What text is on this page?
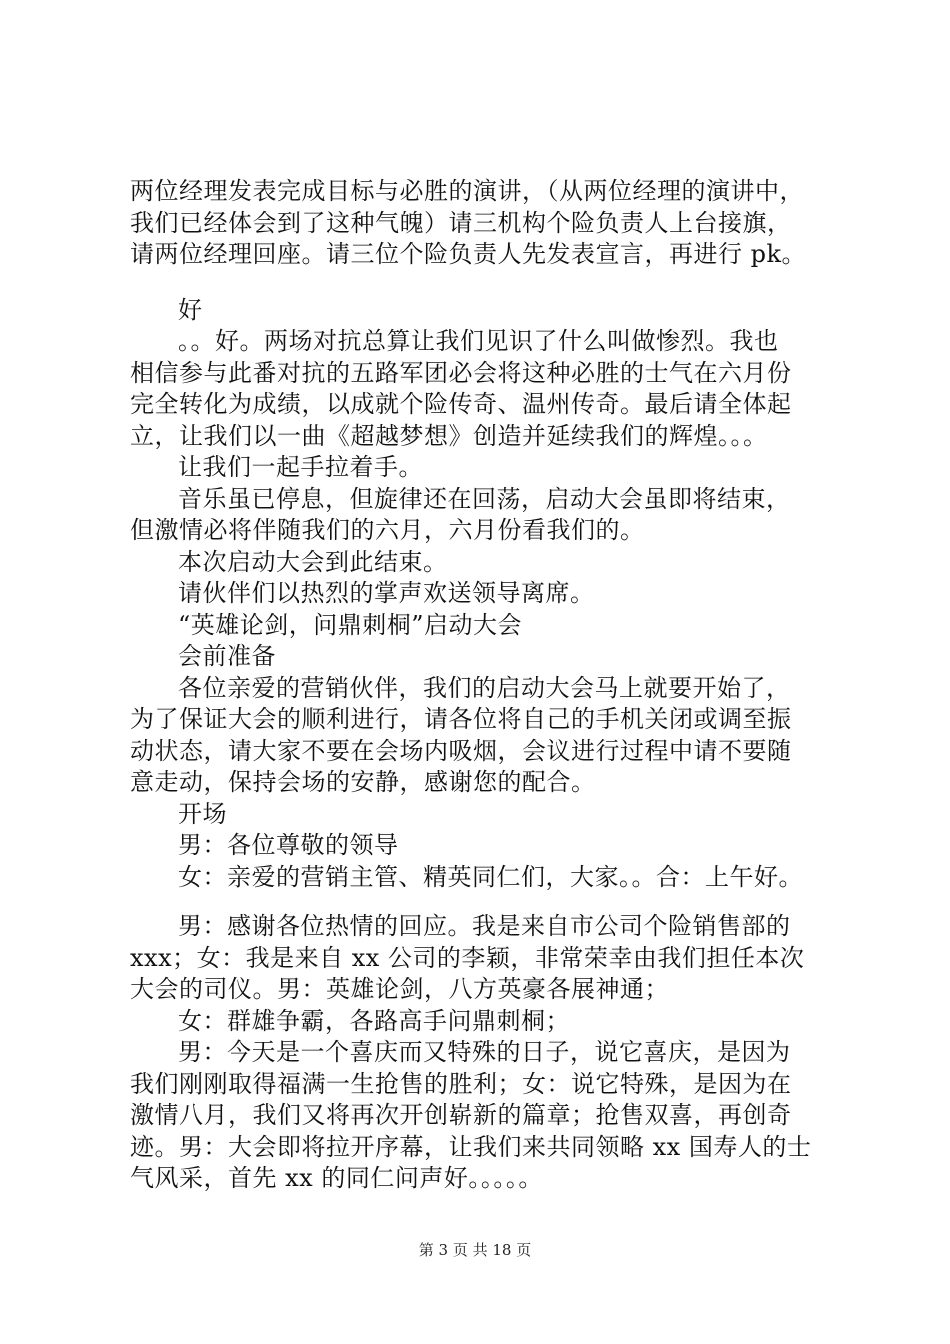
两位经理发表完成目标与必胜的演讲，（从两位经理的演讲中，
我们已经体会到了这种气魄）请三机构个险负责人上台接旗，
请两位经理回座。请三位个险负责人先发表宣言，再进行 pk。
好
。。好。两场对抗总算让我们见识了什么叫做惨烈。我也
相信参与此番对抗的五路军团必会将这种必胜的士气在六月份
完全转化为成绩，以成就个险传奇、温州传奇。最后请全体起
立，让我们以一曲《超越梦想》创造并延续我们的辉煌。。。
让我们一起手拉着手。
音乐虽已停息，但旋律还在回荡，启动大会虽即将结束，
但激情必将伴随我们的六月，六月份看我们的。
本次启动大会到此结束。
请伙伴们以热烈的掌声欢送领导离席。
“英雄论剑，问鼎刺桐”启动大会
会前准备
各位亲爱的营销伙伴，我们的启动大会马上就要开始了，
为了保证大会的顺利进行，请各位将自己的手机关闭或调至振
动状态，请大家不要在会场内吸烟，会议进行过程中请不要随
意走动，保持会场的安静，感谢您的配合。
开场
男：各位尊敬的领导
女：亲爱的营销主管、精英同仁们，大家。。合：上午好。
男：感谢各位热情的回应。我是来自市公司个险销售部的
xxx；女：我是来自 xx 公司的李颖，非常荣幸由我们担任本次
大会的司仪。男：英雄论剑，八方英豪各展神通；
女：群雄争霸，各路高手问鼎刺桐；
男：今天是一个喜庆而又特殊的日子，说它喜庆，是因为
我们刚刚取得福满一生抢售的胜利；女：说它特殊，是因为在
激情八月，我们又将再次开创崭新的篇章；抢售双喜，再创奇
迹。男：大会即将拉开序幕，让我们来共同领略 xx 国寿人的士
气风采，首先 xx 的同仁问声好。。。。。
第 3 页 共 18 页
